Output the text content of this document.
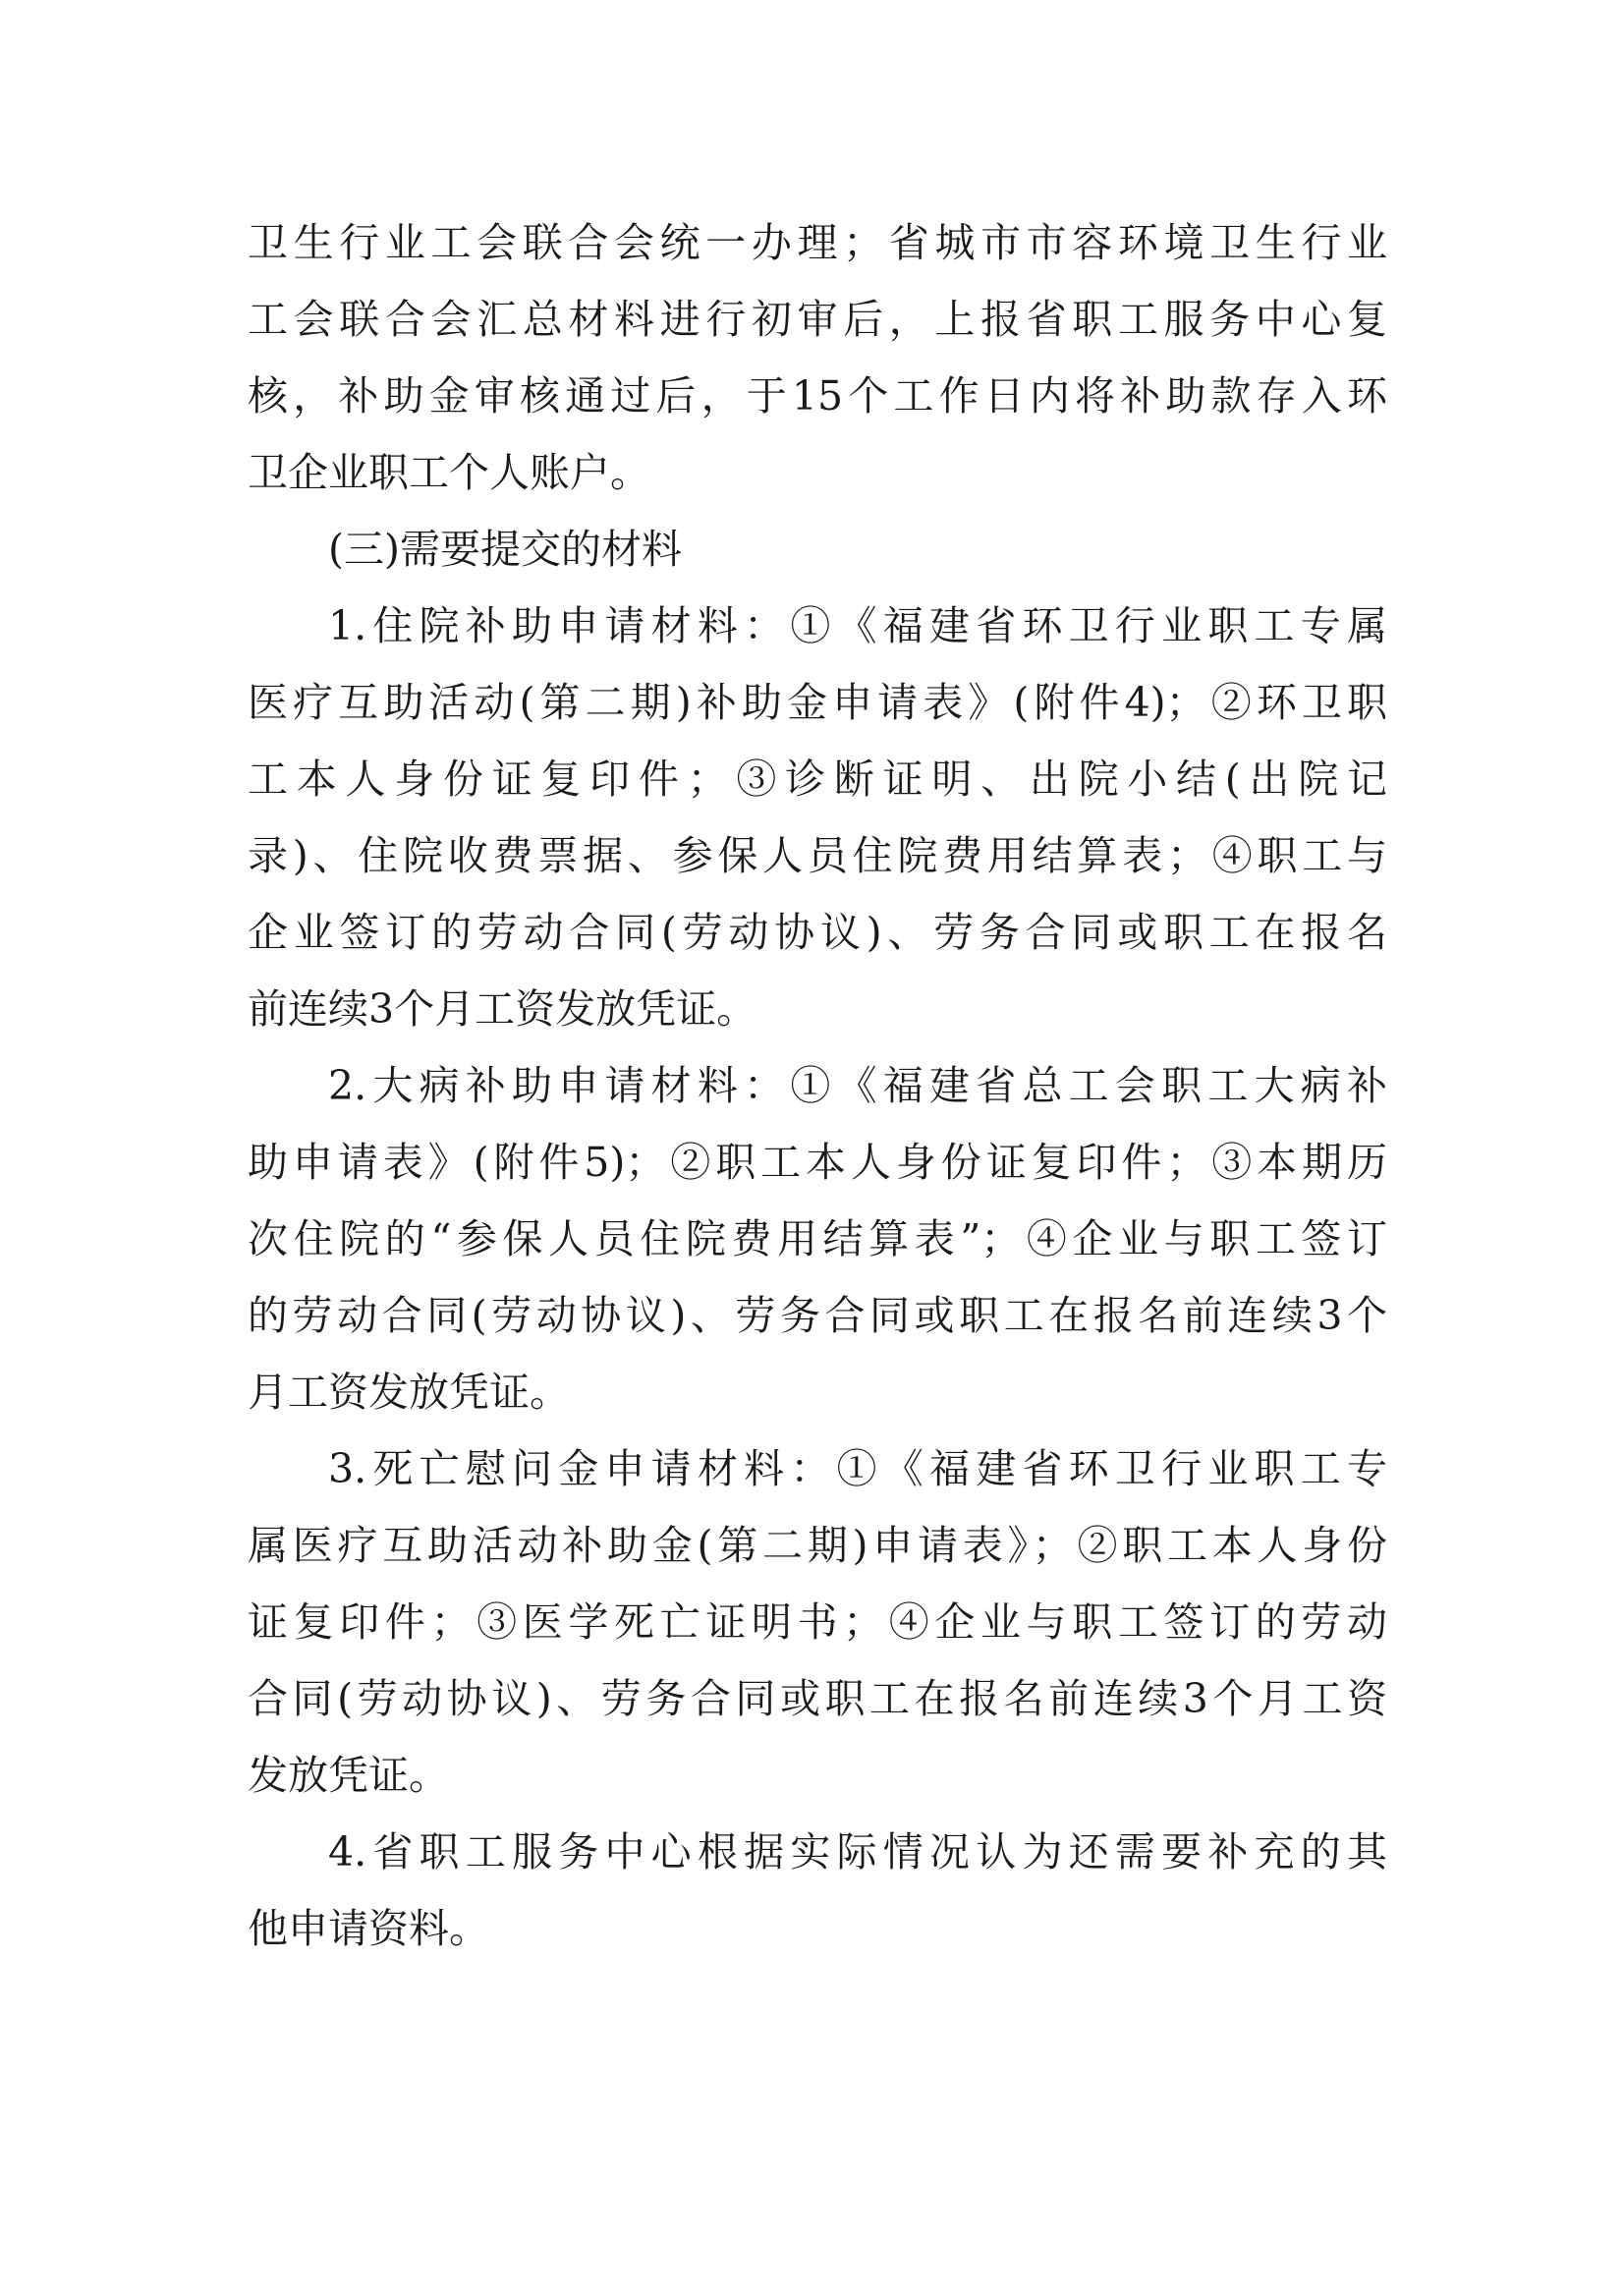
卫生行业工会联合会统一办理；省城市市容环境卫生行业
工会联合会汇总材料进行初审后，上报省职工服务中心复
核，补助金审核通过后，于15个工作日内将补助款存入环
卫企业职工个人账户。
(三)需要提交的材料
1.住院补助申请材料：①《福建省环卫行业职工专属
医疗互助活动(第二期)补助金申请表》(附件4)；②环卫职
工本人身份证复印件；③诊断证明、出院小结(出院记
录)、住院收费票据、参保人员住院费用结算表；④职工与
企业签订的劳动合同(劳动协议)、劳务合同或职工在报名
前连续3个月工资发放凭证。
2.大病补助申请材料：①《福建省总工会职工大病补
助申请表》(附件5)；②职工本人身份证复印件；③本期历
次住院的“参保人员住院费用结算表”；④企业与职工签订
的劳动合同(劳动协议)、劳务合同或职工在报名前连续3个
月工资发放凭证。
3.死亡慰问金申请材料：①《福建省环卫行业职工专
属医疗互助活动补助金(第二期)申请表》；②职工本人身份
证复印件；③医学死亡证明书；④企业与职工签订的劳动
合同(劳动协议)、劳务合同或职工在报名前连续3个月工资
发放凭证。
4.省职工服务中心根据实际情况认为还需要补充的其
他申请资料。
